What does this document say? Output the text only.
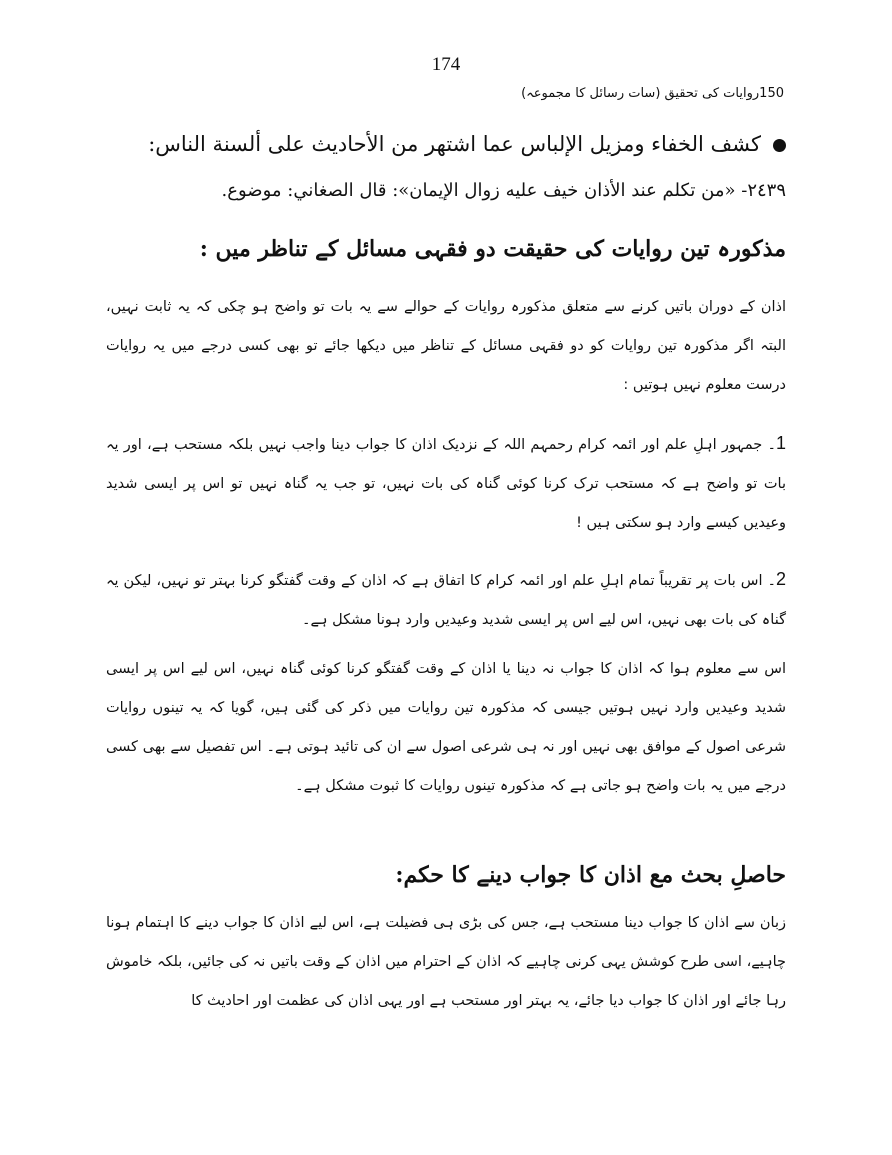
174
150روایات کی تحقیق (سات رسائل کا مجموعہ)
كشف الخفاء ومزيل الإلباس عما اشتهر من الأحاديث على ألسنة الناس:
٢٤٣٩- «من تكلم عند الأذان خيف عليه زوال الإيمان»: قال الصغاني: موضوع.
مذکورہ تین روایات کی حقیقت دو فقہی مسائل کے تناظر میں :
اذان کے دوران باتیں کرنے سے متعلق مذکورہ روایات کے حوالے سے یہ بات تو واضح ہو چکی کہ یہ ثابت نہیں، البتہ اگر مذکورہ تین روایات کو دو فقہی مسائل کے تناظر میں دیکھا جائے تو بھی کسی درجے میں یہ روایات درست معلوم نہیں ہوتیں :
1۔ جمہور اہلِ علم اور ائمہ کرام رحمہم اللہ کے نزدیک اذان کا جواب دینا واجب نہیں بلکہ مستحب ہے، اور یہ بات تو واضح ہے کہ مستحب ترک کرنا کوئی گناہ کی بات نہیں، تو جب یہ گناہ نہیں تو اس پر ایسی شدید وعیدیں کیسے وارد ہو سکتی ہیں !
2۔ اس بات پر تقریباً تمام اہلِ علم اور ائمہ کرام کا اتفاق ہے کہ اذان کے وقت گفتگو کرنا بہتر تو نہیں، لیکن یہ گناہ کی بات بھی نہیں، اس لیے اس پر ایسی شدید وعیدیں وارد ہونا مشکل ہے۔
اس سے معلوم ہوا کہ اذان کا جواب نہ دینا یا اذان کے وقت گفتگو کرنا کوئی گناہ نہیں، اس لیے اس پر ایسی شدید وعیدیں وارد نہیں ہوتیں جیسی کہ مذکورہ تین روایات میں ذکر کی گئی ہیں، گویا کہ یہ تینوں روایات شرعی اصول کے موافق بھی نہیں اور نہ ہی شرعی اصول سے ان کی تائید ہوتی ہے۔ اس تفصیل سے بھی کسی درجے میں یہ بات واضح ہو جاتی ہے کہ مذکورہ تینوں روایات کا ثبوت مشکل ہے۔
حاصلِ بحث مع اذان کا جواب دینے کا حکم:
زبان سے اذان کا جواب دینا مستحب ہے، جس کی بڑی ہی فضیلت ہے، اس لیے اذان کا جواب دینے کا اہتمام ہونا چاہیے، اسی طرح کوشش یہی کرنی چاہیے کہ اذان کے احترام میں اذان کے وقت باتیں نہ کی جائیں، بلکہ خاموش رہا جائے اور اذان کا جواب دیا جائے، یہ بہتر اور مستحب ہے اور یہی اذان کی عظمت اور احادیث کا
